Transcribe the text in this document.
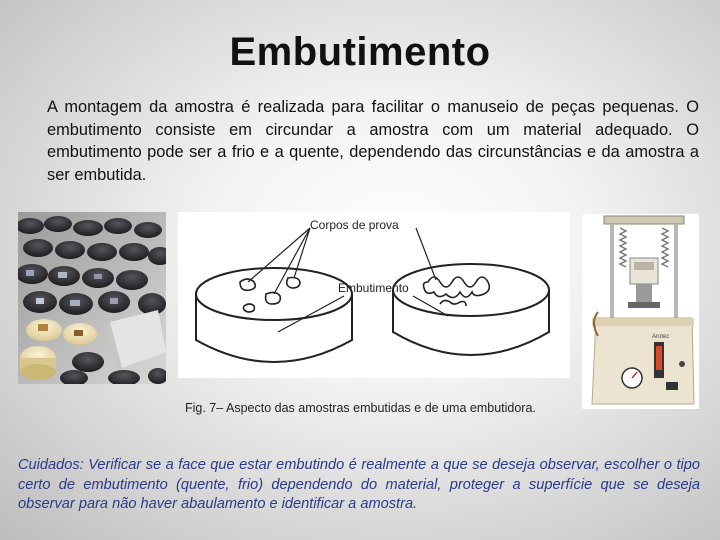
Embutimento
A montagem da amostra é realizada para facilitar o manuseio de peças pequenas. O embutimento consiste em circundar a amostra com um material adequado. O embutimento pode ser a frio e a quente, dependendo das circunstâncias e da amostra a ser embutida.
Corpos de prova
Embutimento
Arotec
Fig. 7– Aspecto das amostras embutidas e de uma embutidora.
Cuidados: Verificar se a face que estar embutindo é realmente a que se deseja observar, escolher o tipo certo de embutimento (quente, frio) dependendo do material, proteger a superfície que se deseja observar para não haver abaulamento e identificar a amostra.
